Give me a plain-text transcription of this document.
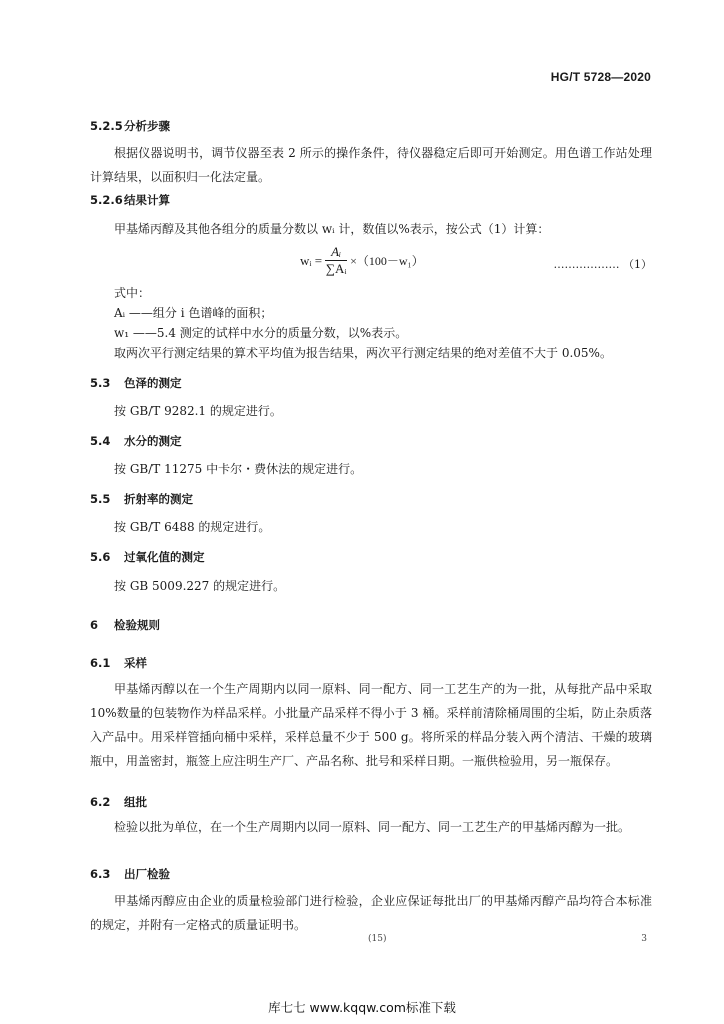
HG/T 5728—2020
5.2.5分析步骤
根据仪器说明书，调节仪器至表 2 所示的操作条件，待仪器稳定后即可开始测定。用色谱工作站处理计算结果，以面积归一化法定量。
5.2.6结果计算
甲基烯丙醇及其他各组分的质量分数以 wᵢ 计，数值以%表示，按公式（1）计算：
wᵢ = $\frac{\text{Aᵢ}}{\text{∑Aᵢ}} \times(100-w_1)$	……………… （1）
式中：
Aᵢ ——组分 i 色谱峰的面积；
w₁ ——5.4 测定的试样中水分的质量分数，以%表示。
取两次平行测定结果的算术平均值为报告结果，两次平行测定结果的绝对差值不大于 0.05%。
5.3 色泽的测定
按 GB/T 9282.1 的规定进行。
5.4 水分的测定
按 GB/T 11275 中卡尔・费休法的规定进行。
5.5 折射率的测定
按 GB/T 6488 的规定进行。
5.6 过氧化值的测定
按 GB 5009.227 的规定进行。
6 检验规则
6.1 采样
甲基烯丙醇以在一个生产周期内以同一原料、同一配方、同一工艺生产的为一批，从每批产品中采取 10%数量的包装物作为样品采样。小批量产品采样不得小于 3 桶。采样前清除桶周围的尘垢，防止杂质落入产品中。用采样管插向桶中采样，采样总量不少于 500 g。将所采的样品分装入两个清洁、干燥的玻璃瓶中，用盖密封，瓶签上应注明生产厂、产品名称、批号和采样日期。一瓶供检验用，另一瓶保存。
6.2 组批
检验以批为单位，在一个生产周期内以同一原料、同一配方、同一工艺生产的甲基烯丙醇为一批。
6.3 出厂检验
甲基烯丙醇应由企业的质量检验部门进行检验，企业应保证每批出厂的甲基烯丙醇产品均符合本标准的规定，并附有一定格式的质量证明书。
(15)	3
库七七 www.kqqw.com标准下载
